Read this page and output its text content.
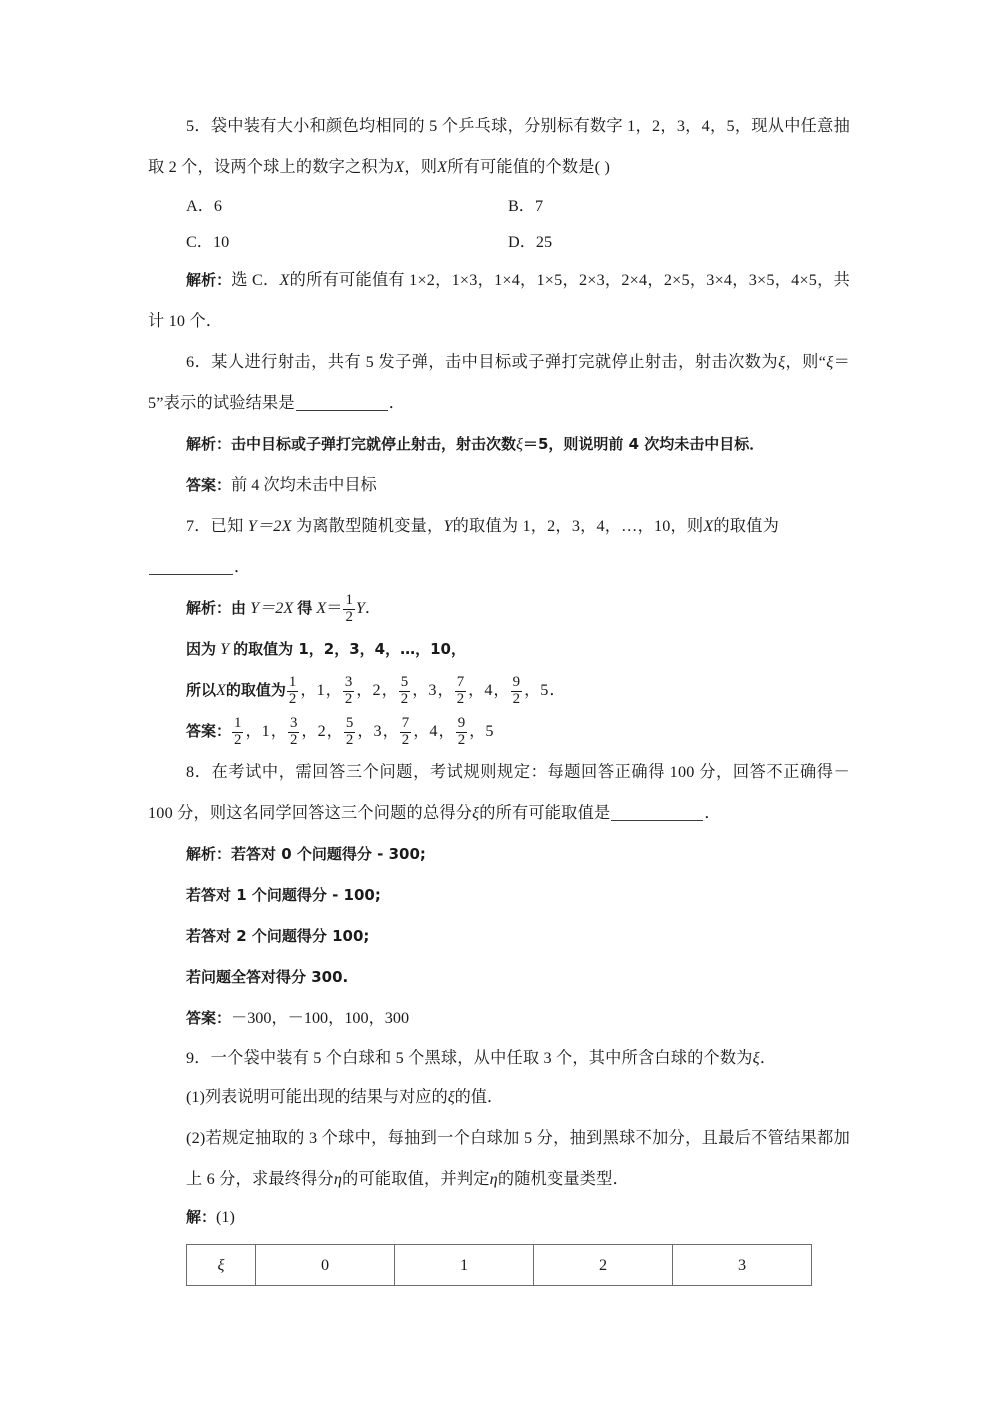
5．袋中装有大小和颜色均相同的 5 个乒乓球，分别标有数字 1，2，3，4，5，现从中任意抽取 2 个，设两个球上的数字之积为X，则X所有可能值的个数是( )
A．6	B．7
C．10	D．25
解析：选 C．X的所有可能值有 1×2，1×3，1×4，1×5，2×3，2×4，2×5，3×4，3×5，4×5，共计 10 个．
6．某人进行射击，共有 5 发子弹，击中目标或子弹打完就停止射击，射击次数为ξ，则“ξ＝5”表示的试验结果是	．
解析：击中目标或子弹打完就停止射击，射击次数ξ＝5，则说明前 4 次均未击中目标．
答案：前 4 次均未击中目标
7．已知 Y＝2X 为离散型随机变量，Y的取值为 1，2，3，4，…，10，则X的取值为
．
解析：由 Y＝2X 得 $X= \frac{1}{2}$ Y．
因为 Y 的取值为 1，2，3，4，…，10，
所以X的取值为 $\frac{1}{2}$ ，1， $\frac{3}{2}$ ，2， $\frac{5}{2}$ ，3， $\frac{7}{2}$ ，4， $\frac{9}{2}$ ，5．
答案： $\frac{1}{2}$ ，1， $\frac{3}{2}$ ，2， $\frac{5}{2}$ ，3， $\frac{7}{2}$ ，4， $\frac{9}{2}$ ，5
8．在考试中，需回答三个问题，考试规则规定：每题回答正确得 100 分，回答不正确得－100 分，则这名同学回答这三个问题的总得分ξ的所有可能取值是	．
解析：若答对 0 个问题得分 - 300;
若答对 1 个问题得分 - 100;
若答对 2 个问题得分 100;
若问题全答对得分 300.
答案：－300，－100，100，300
9．一个袋中装有 5 个白球和 5 个黑球，从中任取 3 个，其中所含白球的个数为ξ．
(1)列表说明可能出现的结果与对应的ξ的值．
(2)若规定抽取的 3 个球中，每抽到一个白球加 5 分，抽到黑球不加分，且最后不管结果都加上 6 分，求最终得分η的可能取值，并判定η的随机变量类型．
解：(1)
ξ	0	1	2	3
